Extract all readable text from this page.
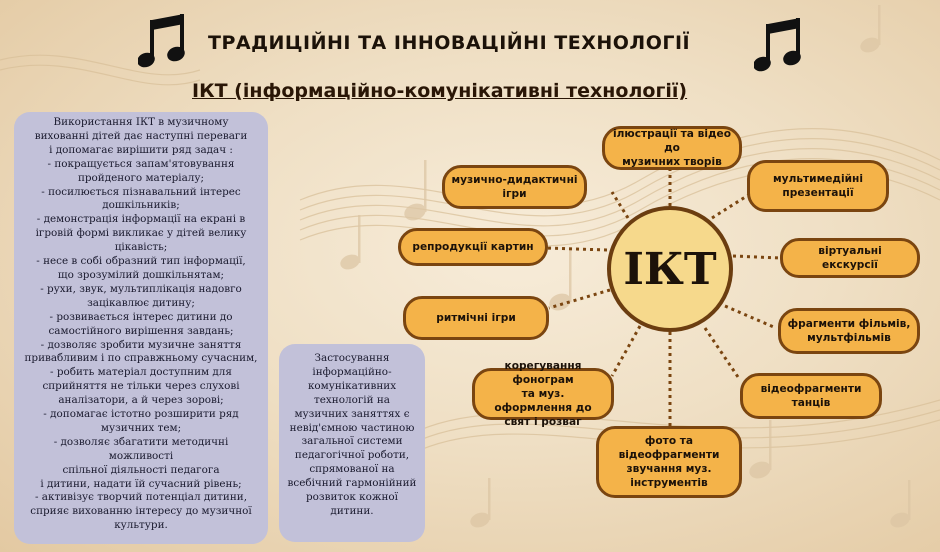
ТРАДИЦІЙНІ ТА ІННОВАЦІЙНІ ТЕХНОЛОГІЇ
ІКТ (інформаційно-комунікативні технології)

Використання ІКТ в музичному
вихованні дітей дає наступні переваги
і допомагає вирішити ряд задач :
- покращується запам'ятовування
пройденого матеріалу;
- посилюється пізнавальний інтерес
дошкільників;
- демонстрація інформації на екрані в
ігровій формі викликає у дітей велику
цікавість;
- несе в собі образний тип інформації,
що зрозумілий дошкільнятам;
- рухи, звук, мультиплікація надовго
зацікавлює дитину;
- розвивається інтерес дитини до
самостійного вирішення завдань;
- дозволяє зробити музичне заняття
привабливим і по справжньому сучасним,
- робить матеріал доступним для
сприйняття не тільки через слухові
аналізатори, а й через зорові;
- допомагає істотно розширити ряд
музичних тем;
- дозволяє збагатити методичні можливості
спільної діяльності педагога
і дитини, надати їй сучасний рівень;
- активізує творчий потенціал дитини,
сприяє вихованню інтересу до музичної
культури.

Застосування
інформаційно-
комунікативних
технологій на
музичних заняттях є
невід'ємною частиною
загальної системи
педагогічної роботи,
спрямованої на
всебічний гармонійний
розвиток кожної
дитини.

ІКТ
ілюстрації та відео до
музичних творів
музично-дидактичні
ігри
мультимедійні
презентації
репродукції картин	віртуальні екскурсії
ритмічні ігри	фрагменти фільмів,
мультфільмів
корегування фонограм
та муз. оформлення до
свят і розваг
відеофрагменти
танців
фото та
відеофрагменти
звучання муз.
інструментів
